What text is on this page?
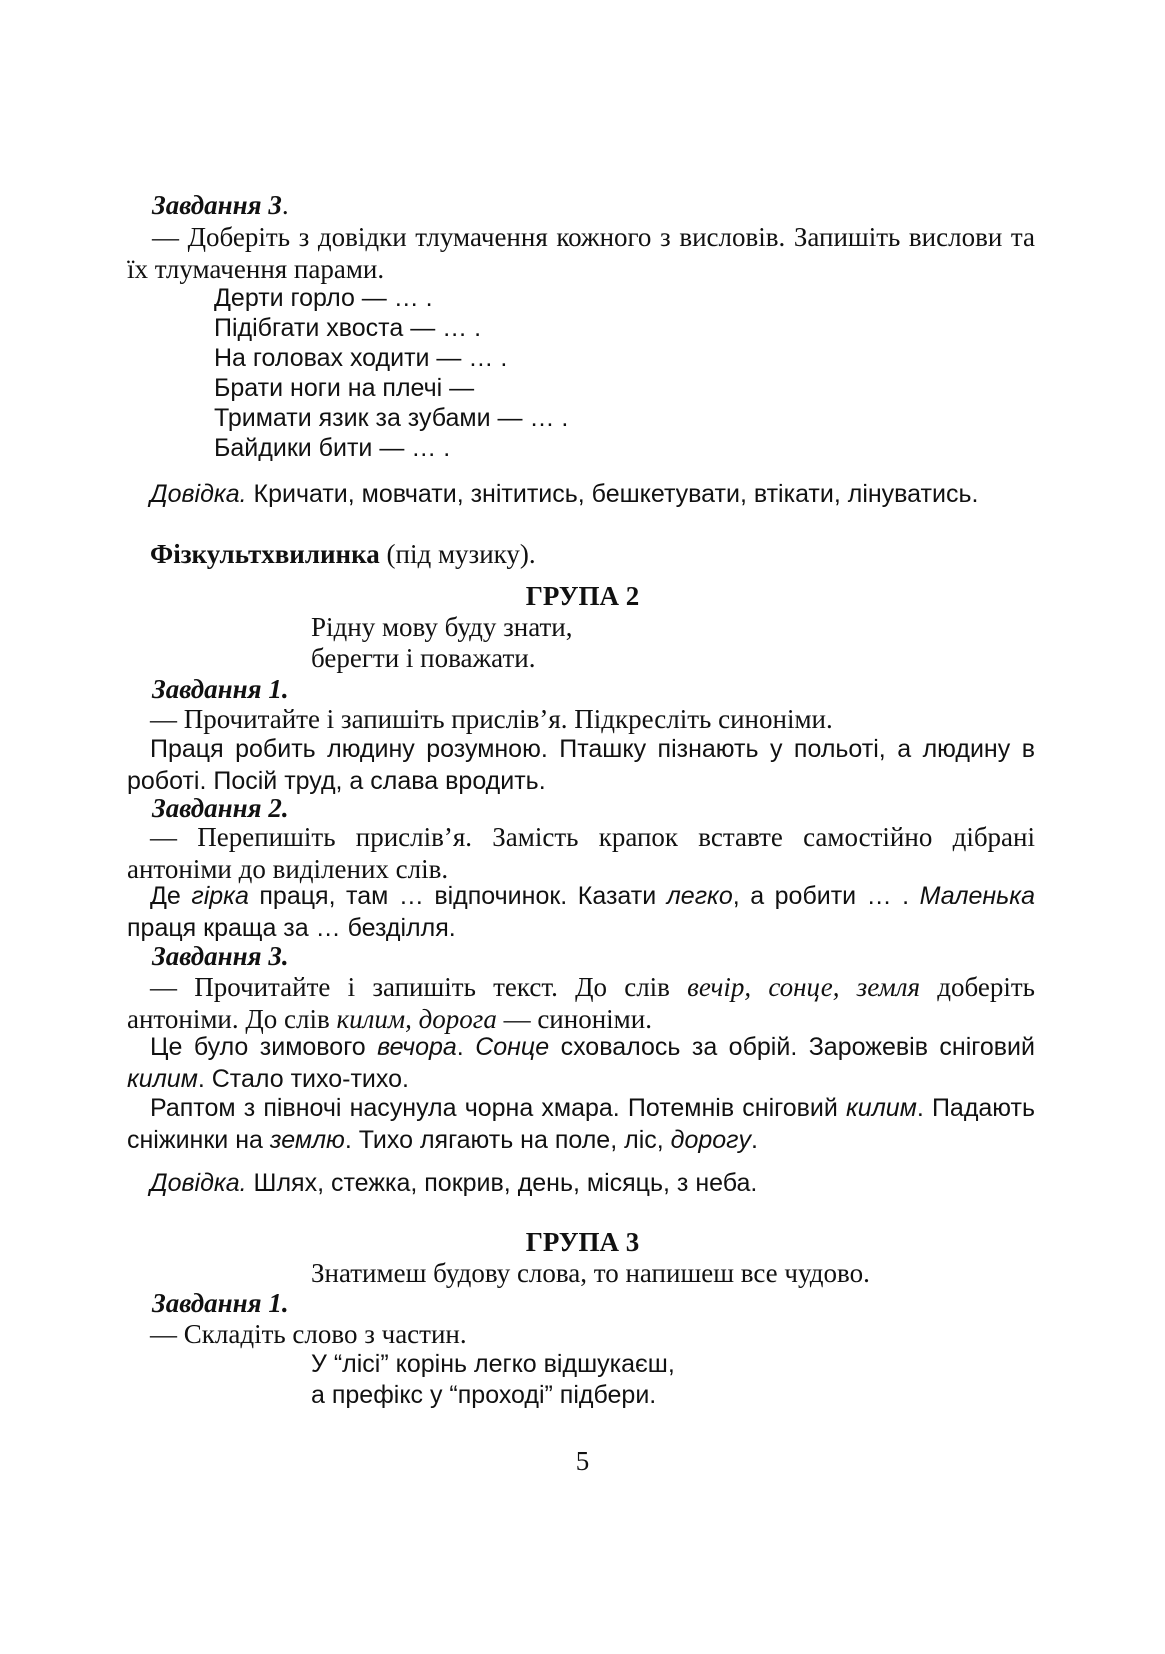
Завдання 3.
— Доберіть з довідки тлумачення кожного з висловів. Запишіть вислови та їх тлумачення парами.
Дерти горло — … .
Підібгати хвоста — … .
На головах ходити — … .
Брати ноги на плечі —
Тримати язик за зубами — … .
Байдики бити — … .
Довідка. Кричати, мовчати, знітитись, бешкетувати, втікати, лінуватись.
Фізкультхвилинка (під музику).
ГРУПА 2
Рідну мову буду знати,
берегти і поважати.
Завдання 1.
— Прочитайте і запишіть прислів’я. Підкресліть синоніми.
Праця робить людину розумною. Пташку пізнають у польоті, а людину в роботі. Посій труд, а слава вродить.
Завдання 2.
— Перепишіть прислів’я. Замість крапок вставте самостійно дібрані антоніми до виділених слів.
Де гірка праця, там … відпочинок. Казати легко, а робити … . Маленька праця краща за … безділля.
Завдання 3.
— Прочитайте і запишіть текст. До слів вечір, сонце, земля доберіть антоніми. До слів килим, дорога — синоніми.
Це було зимового вечора. Сонце сховалось за обрій. Зарожевів сніговий килим. Стало тихо-тихо.
Раптом з півночі насунула чорна хмара. Потемнів сніговий килим. Падають сніжинки на землю. Тихо лягають на поле, ліс, дорогу.
Довідка. Шлях, стежка, покрив, день, місяць, з неба.
ГРУПА 3
Знатимеш будову слова, то напишеш все чудово.
Завдання 1.
— Складіть слово з частин.
У “лісі” корінь легко відшукаєш,
а префікс у “проході” підбери.
5
